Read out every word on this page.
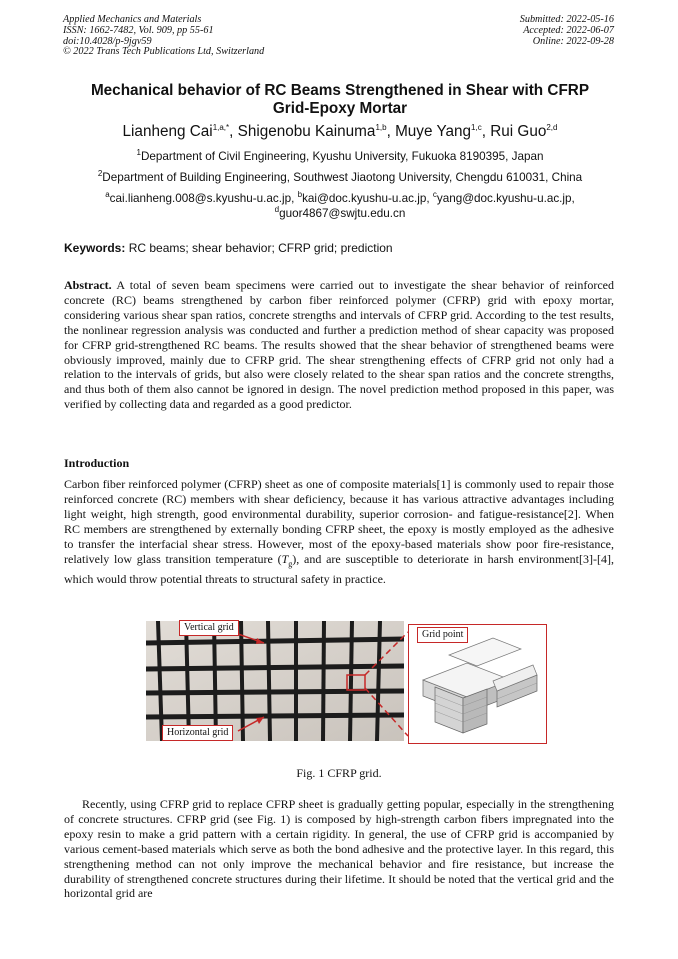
Applied Mechanics and Materials
ISSN: 1662-7482, Vol. 909, pp 55-61
doi:10.4028/p-9jgv59
© 2022 Trans Tech Publications Ltd, Switzerland
Submitted: 2022-05-16
Accepted: 2022-06-07
Online: 2022-09-28
Mechanical behavior of RC Beams Strengthened in Shear with CFRP
Grid-Epoxy Mortar
Lianheng Cai$^{1,a,*}$, Shigenobu Kainuma$^{1,b}$, Muye Yang$^{1,c}$, Rui Guo$^{2,d}$
$^1$Department of Civil Engineering, Kyushu University, Fukuoka 8190395, Japan
$^2$Department of Building Engineering, Southwest Jiaotong University, Chengdu 610031, China
$^a$cai.lianheng.008@s.kyushu-u.ac.jp, $^b$kai@doc.kyushu-u.ac.jp, $^c$yang@doc.kyushu-u.ac.jp,
$^d$guor4867@swjtu.edu.cn
Keywords: RC beams; shear behavior; CFRP grid; prediction
Abstract. A total of seven beam specimens were carried out to investigate the shear behavior of reinforced concrete (RC) beams strengthened by carbon fiber reinforced polymer (CFRP) grid with epoxy mortar, considering various shear span ratios, concrete strengths and intervals of CFRP grid. According to the test results, the nonlinear regression analysis was conducted and further a prediction method of shear capacity was proposed for CFRP grid-strengthened RC beams. The results showed that the shear behavior of strengthened beams were obviously improved, mainly due to CFRP grid. The shear strengthening effects of CFRP grid not only had a relation to the intervals of grids, but also were closely related to the shear span ratios and the concrete strengths, and thus both of them also cannot be ignored in design. The novel prediction method proposed in this paper, was verified by collecting data and regarded as a good predictor.
Introduction
Carbon fiber reinforced polymer (CFRP) sheet as one of composite materials[1] is commonly used to repair those reinforced concrete (RC) members with shear deficiency, because it has various attractive advantages including light weight, high strength, good environmental durability, superior corrosion- and fatigue-resistance[2]. When RC members are strengthened by externally bonding CFRP sheet, the epoxy is mostly employed as the adhesive to transfer the interfacial shear stress. However, most of the epoxy-based materials show poor fire-resistance, relatively low glass transition temperature $(T_g)$, and are susceptible to deteriorate in harsh environment[3]-[4], which would throw potential threats to structural safety in practice.
Vertical grid
Horizontal grid
Grid point
Fig. 1 CFRP grid.
Recently, using CFRP grid to replace CFRP sheet is gradually getting popular, especially in the strengthening of concrete structures. CFRP grid (see Fig. 1) is composed by high-strength carbon fibers impregnated into the epoxy resin to make a grid pattern with a certain rigidity. In general, the use of CFRP grid is accompanied by various cement-based materials which serve as both the bond adhesive and the protective layer. In this regard, this strengthening method can not only improve the mechanical behavior and fire resistance, but increase the durability of strengthened concrete structures during their lifetime. It should be noted that the vertical grid and the horizontal grid are
